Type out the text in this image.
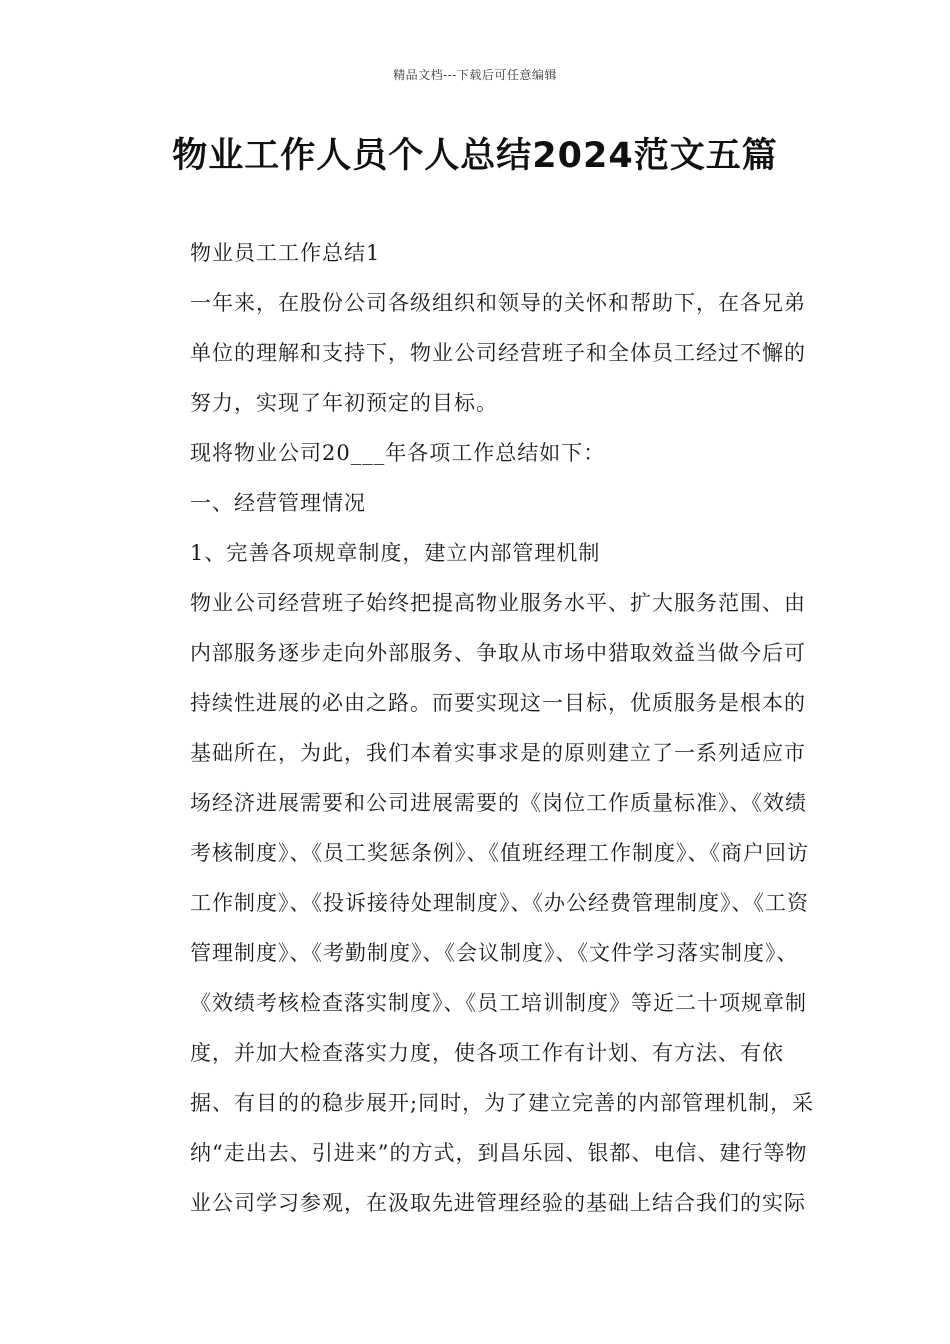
精品文档---下载后可任意编辑
物业工作人员个人总结2024范文五篇

物业员工工作总结1

一年来，在股份公司各级组织和领导的关怀和帮助下，在各兄弟单位的理解和支持下，物业公司经营班子和全体员工经过不懈的努力，实现了年初预定的目标。

现将物业公司20___年各项工作总结如下：

一、经营管理情况

1、完善各项规章制度，建立内部管理机制

物业公司经营班子始终把提高物业服务水平、扩大服务范围、由内部服务逐步走向外部服务、争取从市场中猎取效益当做今后可持续性进展的必由之路。而要实现这一目标，优质服务是根本的基础所在，为此，我们本着实事求是的原则建立了一系列适应市场经济进展需要和公司进展需要的《岗位工作质量标准》、《效绩考核制度》、《员工奖惩条例》、《值班经理工作制度》、《商户回访工作制度》、《投诉接待处理制度》、《办公经费管理制度》、《工资管理制度》、《考勤制度》、《会议制度》、《文件学习落实制度》、《效绩考核检查落实制度》、《员工培训制度》等近二十项规章制度，并加大检查落实力度，使各项工作有计划、有方法、有依据、有目的的稳步展开;同时，为了建立完善的内部管理机制，采纳“走出去、引进来”的方式，到昌乐园、银都、电信、建行等物业公司学习参观，在汲取先进管理经验的基础上结合我们的实际
